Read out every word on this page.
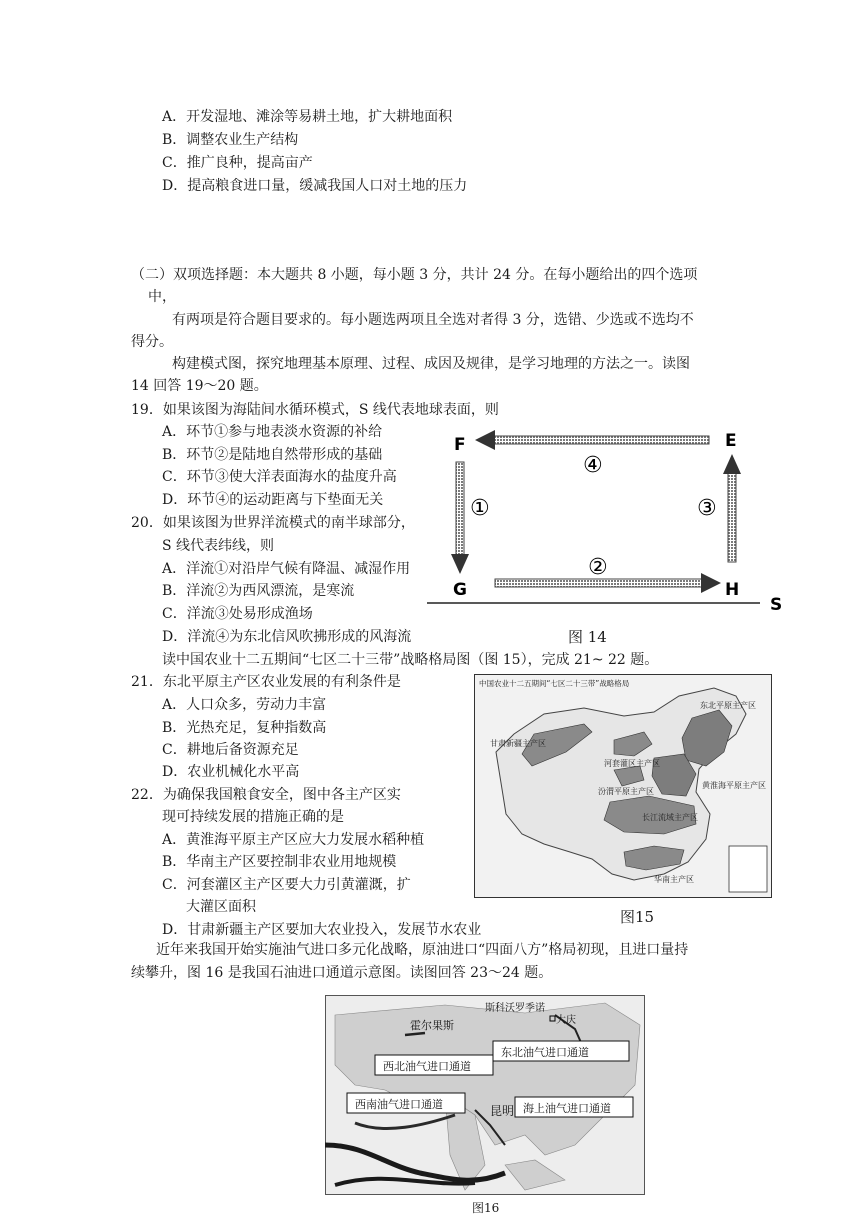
A．开发湿地、滩涂等易耕土地，扩大耕地面积
B．调整农业生产结构
C．推广良种，提高亩产
D．提高粮食进口量，缓减我国人口对土地的压力
（二）双项选择题：本大题共 8 小题，每小题 3 分，共计 24 分。在每小题给出的四个选项
中，
有两项是符合题目要求的。每小题选两项且全选对者得 3 分，选错、少选或不选均不
得分。
构建模式图，探究地理基本原理、过程、成因及规律，是学习地理的方法之一。读图
14 回答 19～20 题。
19．如果该图为海陆间水循环模式，S 线代表地球表面，则
A．环节①参与地表淡水资源的补给
B．环节②是陆地自然带形成的基础
C．环节③使大洋表面海水的盐度升高
D．环节④的运动距离与下垫面无关
20．如果该图为世界洋流模式的南半球部分，
S 线代表纬线，则
A．洋流①对沿岸气候有降温、减湿作用
B．洋流②为西风漂流，是寒流
C．洋流③处易形成渔场
D．洋流④为东北信风吹拂形成的风海流
F	E
G	H
④
①
②
③
S
图 14
读中国农业十二五期间“七区二十三带”战略格局图（图 15），完成 21~ 22 题。
21．东北平原主产区农业发展的有利条件是
A．人口众多，劳动力丰富
B．光热充足，复种指数高
C．耕地后备资源充足
D．农业机械化水平高
22．为确保我国粮食安全，图中各主产区实
现可持续发展的措施正确的是
A．黄淮海平原主产区应大力发展水稻种植
B．华南主产区要控制非农业用地规模
C．河套灌区主产区要大力引黄灌溉，扩
大灌区面积
D．甘肃新疆主产区要加大农业投入，发展节水农业
中国农业十二五期间“七区二十三带”战略格局
东北平原主产区
甘肃新疆主产区
河套灌区主产区
汾渭平原主产区
黄淮海平原主产区
长江流域主产区
华南主产区
图15
近年来我国开始实施油气进口多元化战略，原油进口“四面八方”格局初现，且进口量持
续攀升，图 16 是我国石油进口通道示意图。读图回答 23～24 题。
斯科沃罗季诺
大庆
霍尔果斯
昆明
东北油气进口通道
西北油气进口通道
西南油气进口通道	海上油气进口通道
图16
